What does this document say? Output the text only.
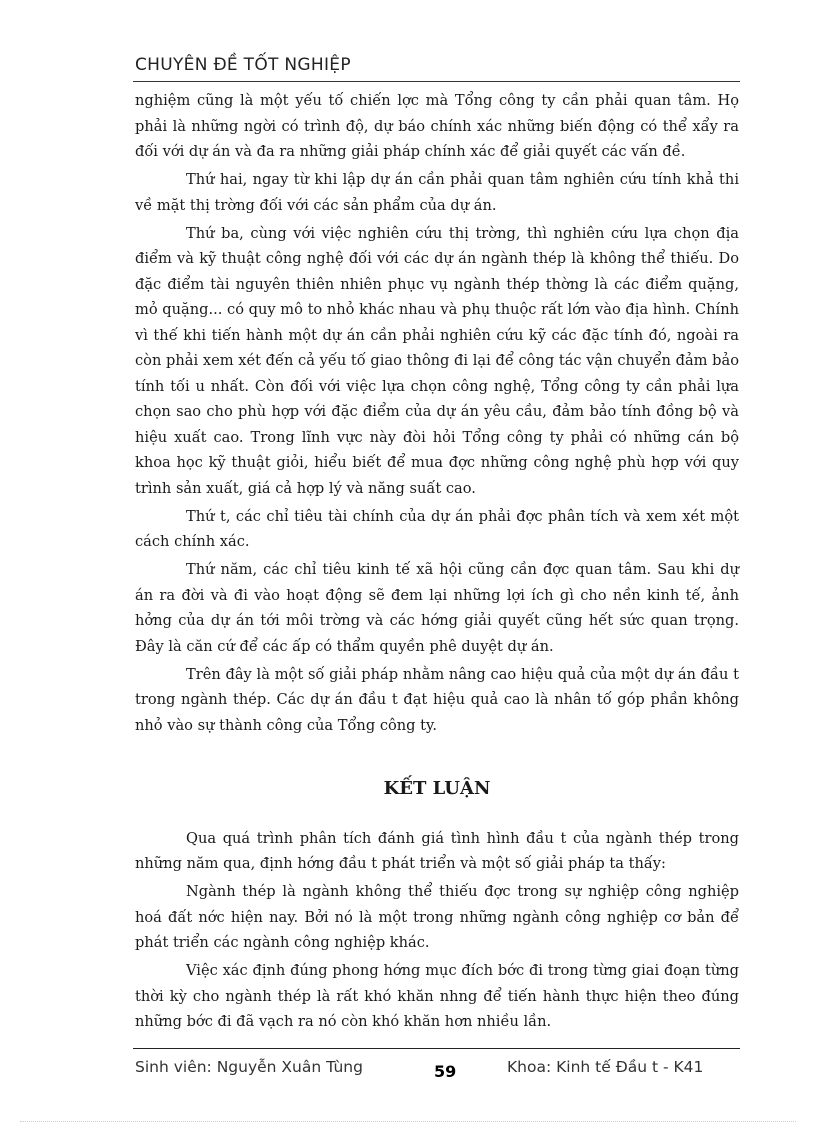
CHUYÊN ĐỀ TỐT NGHIỆP

nghiệm cũng là một yếu tố chiến lợc mà Tổng công ty cần phải quan tâm. Họ phải là những ngời có trình độ, dự báo chính xác những biến động có thể xẩy ra đối với dự án và đa ra những giải pháp chính xác để giải quyết các vấn đề.

Thứ hai, ngay từ khi lập dự án cần phải quan tâm nghiên cứu tính khả thi về mặt thị trờng đối với các sản phẩm của dự án.

Thứ ba, cùng với việc nghiên cứu thị trờng, thì nghiên cứu lựa chọn địa điểm và kỹ thuật công nghệ đối với các dự án ngành thép là không thể thiếu. Do đặc điểm tài nguyên thiên nhiên phục vụ ngành thép thờng là các điểm quặng, mỏ quặng... có quy mô to nhỏ khác nhau và phụ thuộc rất lớn vào địa hình. Chính vì thế khi tiến hành một dự án cần phải nghiên cứu kỹ các đặc tính đó, ngoài ra còn phải xem xét đến cả yếu tố giao thông đi lại để công tác vận chuyển đảm bảo tính tối u nhất. Còn đối với việc lựa chọn công nghệ, Tổng công ty cần phải lựa chọn sao cho phù hợp với đặc điểm của dự án yêu cầu, đảm bảo tính đồng bộ và hiệu xuất cao. Trong lĩnh vực này đòi hỏi Tổng công ty phải có những cán bộ khoa học kỹ thuật giỏi, hiểu biết để mua đợc những công nghệ phù hợp với quy trình sản xuất, giá cả hợp lý và năng suất cao.

Thứ t, các chỉ tiêu tài chính của dự án phải đợc phân tích và xem xét một cách chính xác.

Thứ năm, các chỉ tiêu kinh tế xã hội cũng cần đợc quan tâm. Sau khi dự án ra đời và đi vào hoạt động sẽ đem lại những lợi ích gì cho nền kinh tế, ảnh hởng của dự án tới môi trờng và các hớng giải quyết cũng hết sức quan trọng. Đây là căn cứ để các ấp có thẩm quyền phê duyệt dự án.

Trên đây là một số giải pháp nhằm nâng cao hiệu quả của một dự án đầu t trong ngành thép. Các dự án đầu t đạt hiệu quả cao là nhân tố góp phần không nhỏ vào sự thành công của Tổng công ty.

KẾT LUẬN

Qua quá trình phân tích đánh giá tình hình đầu t của ngành thép trong những năm qua, định hớng đầu t phát triển và một số giải pháp ta thấy:

Ngành thép là ngành không thể thiếu đợc trong sự nghiệp công nghiệp hoá đất nớc hiện nay. Bởi nó là một trong những ngành công nghiệp cơ bản để phát triển các ngành công nghiệp khác.

Việc xác định đúng phong hớng mục đích bớc đi trong từng giai đoạn từng thời kỳ cho ngành thép là rất khó khăn nhng để tiến hành thực hiện theo đúng những bớc đi đã vạch ra nó còn khó khăn hơn nhiều lần.

Sinh viên: Nguyễn Xuân Tùng	59	Khoa: Kinh tế Đầu t - K41
